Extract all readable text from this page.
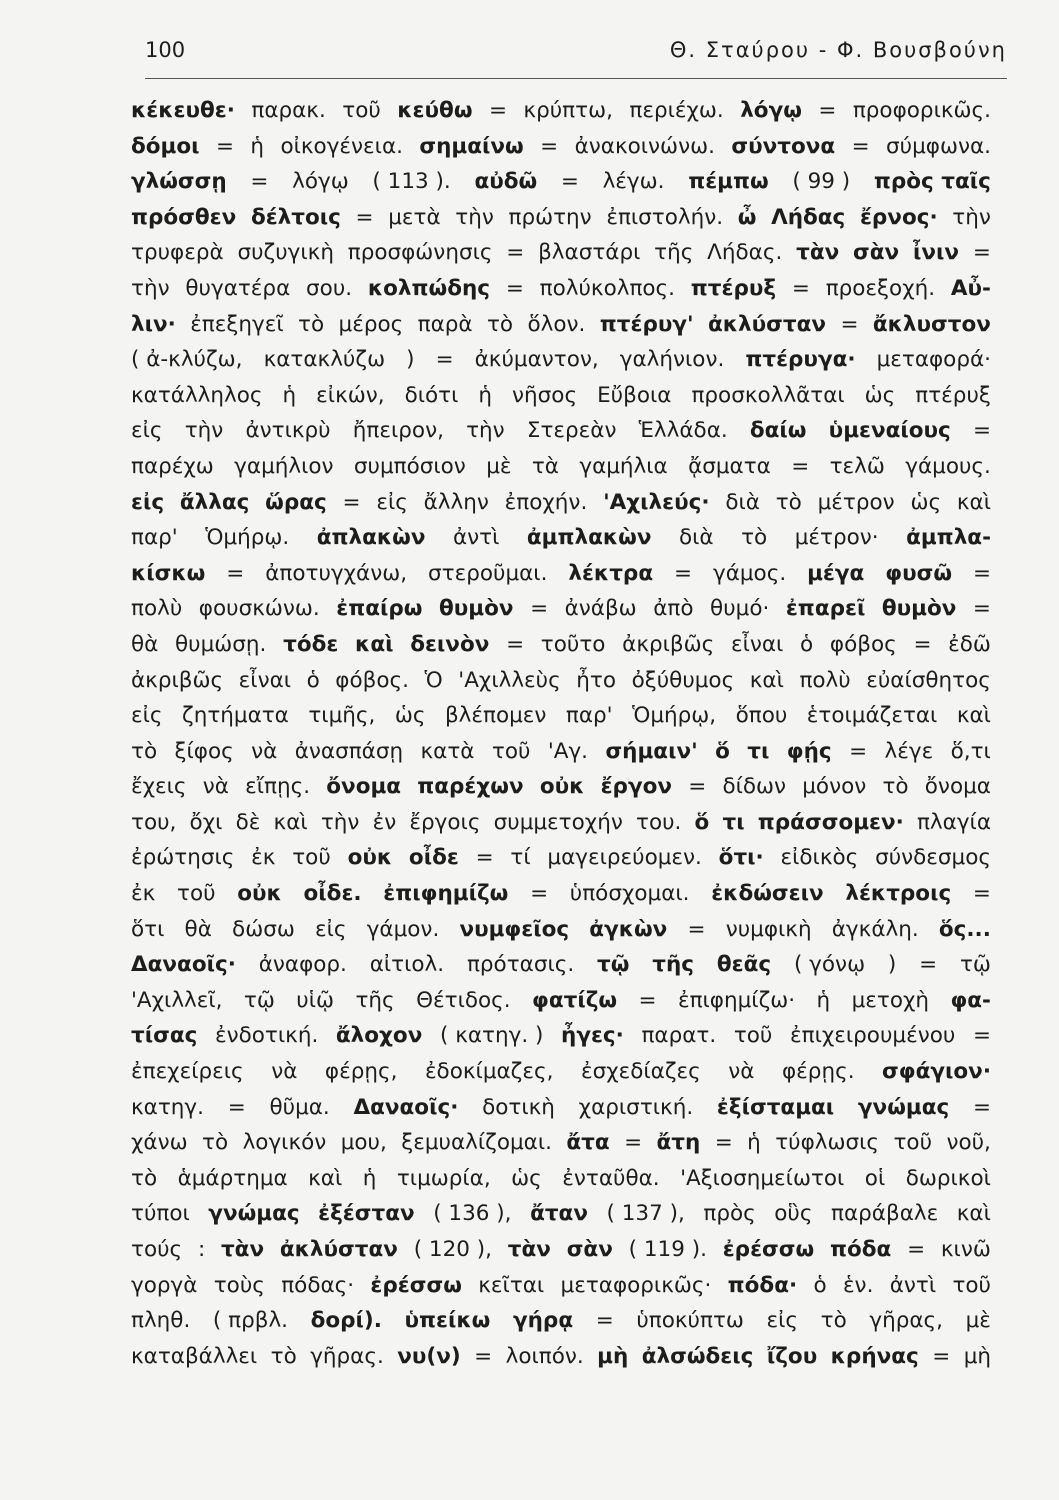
100	Θ. Σταύρου - Φ. Βουσβούνη
κέκευθε· παρακ. τοῦ κεύθω = κρύπτω, περιέχω. λόγῳ = προφορικῶς.
δόμοι = ἡ οἰκογένεια. σημαίνω = ἀνακοινώνω. σύντονα = σύμφωνα.
γλώσσῃ = λόγῳ ( 113 ). αὐδῶ = λέγω. πέμπω ( 99 ) πρὸς ταῖς
πρόσθεν δέλτοις = μετὰ τὴν πρώτην ἐπιστολήν. ὦ Λήδας ἔρνος· τὴν
τρυφερὰ συζυγικὴ προσφώνησις = βλαστάρι τῆς Λήδας. τὰν σὰν ἶνιν =
τὴν θυγατέρα σου. κολπώδης = πολύκολπος. πτέρυξ = προεξοχή. Αὖ-
λιν· ἐπεξηγεῖ τὸ μέρος παρὰ τὸ ὅλον. πτέρυγ' ἀκλύσταν = ἄκλυστον
( ἀ-κλύζω, κατακλύζω ) = ἀκύμαντον, γαλήνιον. πτέρυγα· μεταφορά·
κατάλληλος ἡ εἰκών, διότι ἡ νῆσος Εὔβοια προσκολλᾶται ὡς πτέρυξ
εἰς τὴν ἀντικρὺ ἤπειρον, τὴν Στερεὰν Ἑλλάδα. δαίω ὑμεναίους =
παρέχω γαμήλιον συμπόσιον μὲ τὰ γαμήλια ᾄσματα = τελῶ γάμους.
εἰς ἄλλας ὥρας = εἰς ἄλλην ἐποχήν. 'Αχιλεύς· διὰ τὸ μέτρον ὡς καὶ
παρ' Ὁμήρῳ. ἀπλακὼν ἀντὶ ἀμπλακὼν διὰ τὸ μέτρον· ἀμπλα-
κίσκω = ἀποτυγχάνω, στεροῦμαι. λέκτρα = γάμος. μέγα φυσῶ =
πολὺ φουσκώνω. ἐπαίρω θυμὸν = ἀνάβω ἀπὸ θυμό· ἐπαρεῖ θυμὸν =
θὰ θυμώσῃ. τόδε καὶ δεινὸν = τοῦτο ἀκριβῶς εἶναι ὁ φόβος = ἐδῶ
ἀκριβῶς εἶναι ὁ φόβος. Ὁ 'Αχιλλεὺς ἦτο ὀξύθυμος καὶ πολὺ εὐαίσθητος
εἰς ζητήματα τιμῆς, ὡς βλέπομεν παρ' Ὁμήρῳ, ὅπου ἑτοιμάζεται καὶ
τὸ ξίφος νὰ ἀνασπάσῃ κατὰ τοῦ 'Αγ. σήμαιν' ὅ τι φῄς = λέγε ὅ,τι
ἔχεις νὰ εἴπῃς. ὄνομα παρέχων οὐκ ἔργον = δίδων μόνον τὸ ὄνομα
του, ὄχι δὲ καὶ τὴν ἐν ἔργοις συμμετοχήν του. ὅ τι πράσσομεν· πλαγία
ἐρώτησις ἐκ τοῦ οὐκ οἶδε = τί μαγειρεύομεν. ὅτι· εἰδικὸς σύνδεσμος
ἐκ τοῦ οὐκ οἶδε. ἐπιφημίζω = ὑπόσχομαι. ἐκδώσειν λέκτροις =
ὅτι θὰ δώσω εἰς γάμον. νυμφεῖος ἀγκὼν = νυμφικὴ ἀγκάλη. ὅς...
Δαναοῖς· ἀναφορ. αἰτιολ. πρότασις. τῷ τῆς θεᾶς ( γόνῳ ) = τῷ
'Αχιλλεῖ, τῷ υἱῷ τῆς Θέτιδος. φατίζω = ἐπιφημίζω· ἡ μετοχὴ φα-
τίσας ἐνδοτική. ἄλοχον ( κατηγ. ) ἦγες· παρατ. τοῦ ἐπιχειρουμένου =
ἐπεχείρεις νὰ φέρῃς, ἐδοκίμαζες, ἐσχεδίαζες νὰ φέρῃς. σφάγιον·
κατηγ. = θῦμα. Δαναοῖς· δοτικὴ χαριστική. ἐξίσταμαι γνώμας =
χάνω τὸ λογικόν μου, ξεμυαλίζομαι. ἄτα = ἄτη = ἡ τύφλωσις τοῦ νοῦ,
τὸ ἁμάρτημα καὶ ἡ τιμωρία, ὡς ἐνταῦθα. 'Αξιοσημείωτοι οἱ δωρικοὶ
τύποι γνώμας ἐξέσταν ( 136 ), ἄταν ( 137 ), πρὸς οὓς παράβαλε καὶ
τούς : τὰν ἀκλύσταν ( 120 ), τὰν σὰν ( 119 ). ἐρέσσω πόδα = κινῶ
γοργὰ τοὺς πόδας· ἐρέσσω κεῖται μεταφορικῶς· πόδα· ὁ ἑν. ἀντὶ τοῦ
πληθ. ( πρβλ. δορί). ὑπείκω γήρᾳ = ὑποκύπτω εἰς τὸ γῆρας, μὲ
καταβάλλει τὸ γῆρας. νυ(ν) = λοιπόν. μὴ ἀλσώδεις ἴζου κρήνας = μὴ
